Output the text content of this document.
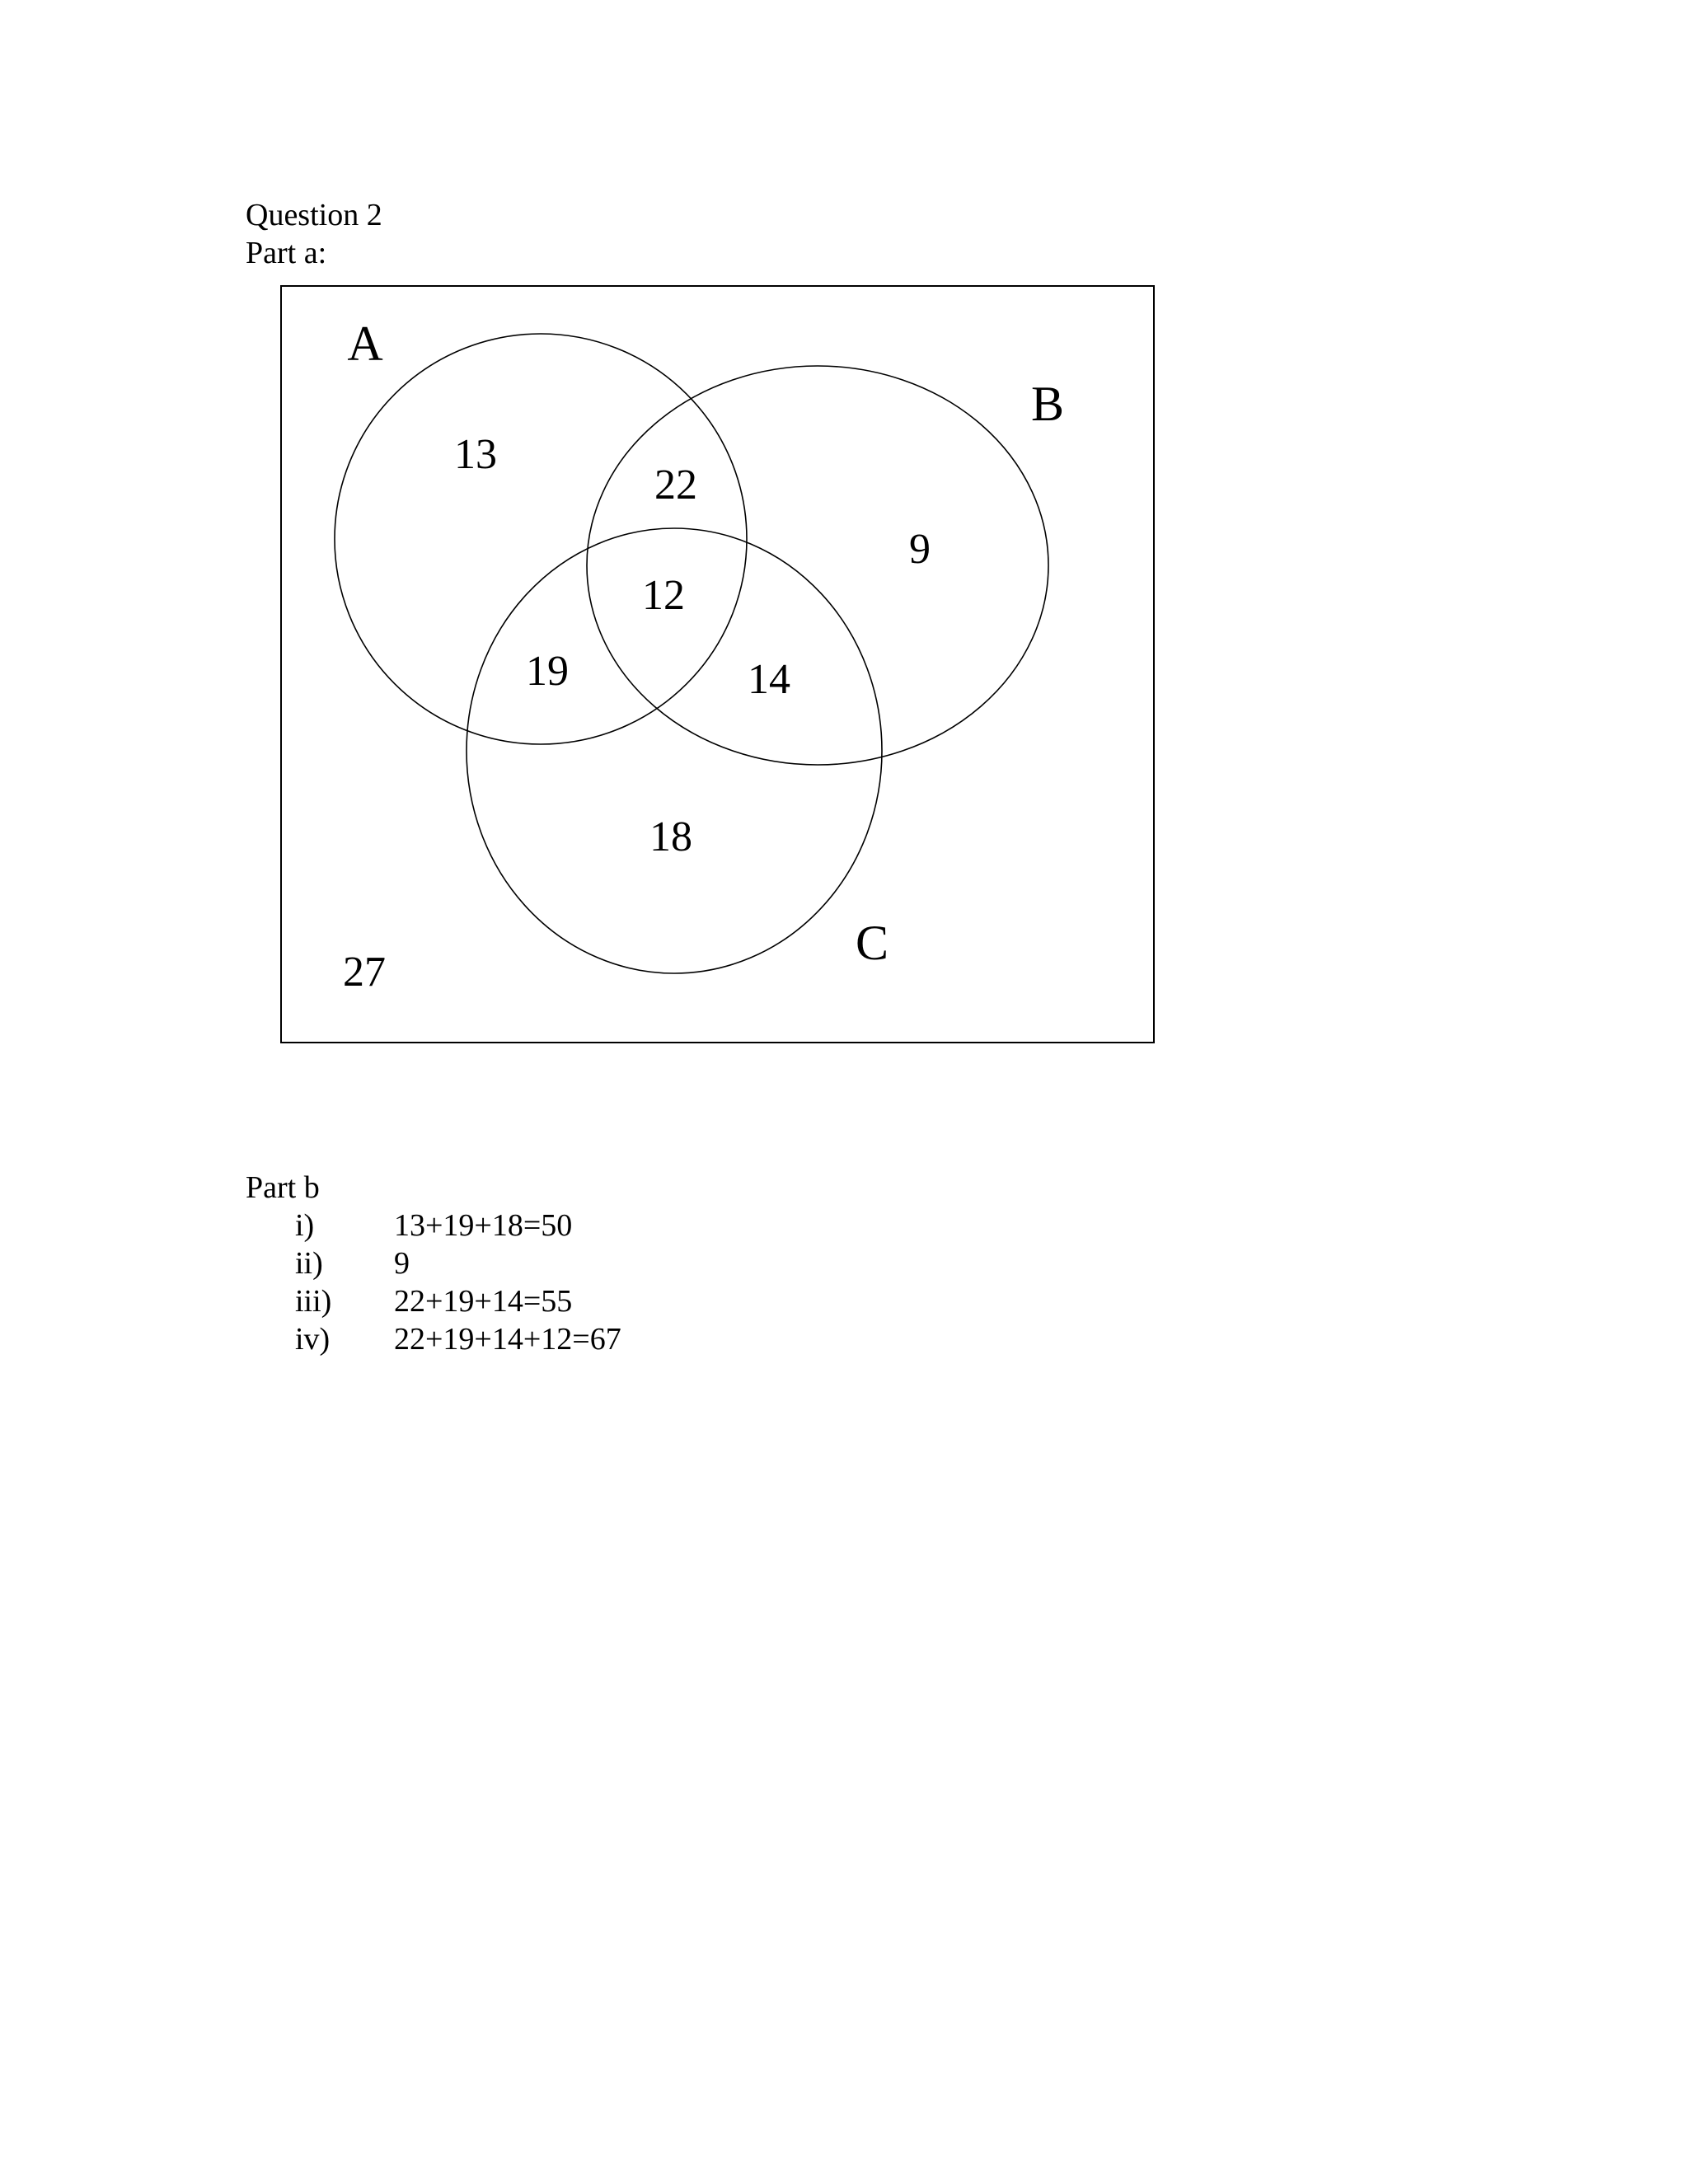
Question 2
Part a:
A
B
C
13
22
9
12
19	14
18
27
Part b
i)	13+19+18=50
ii) 9
iii) 22+19+14=55
iv) 22+19+14+12=67
